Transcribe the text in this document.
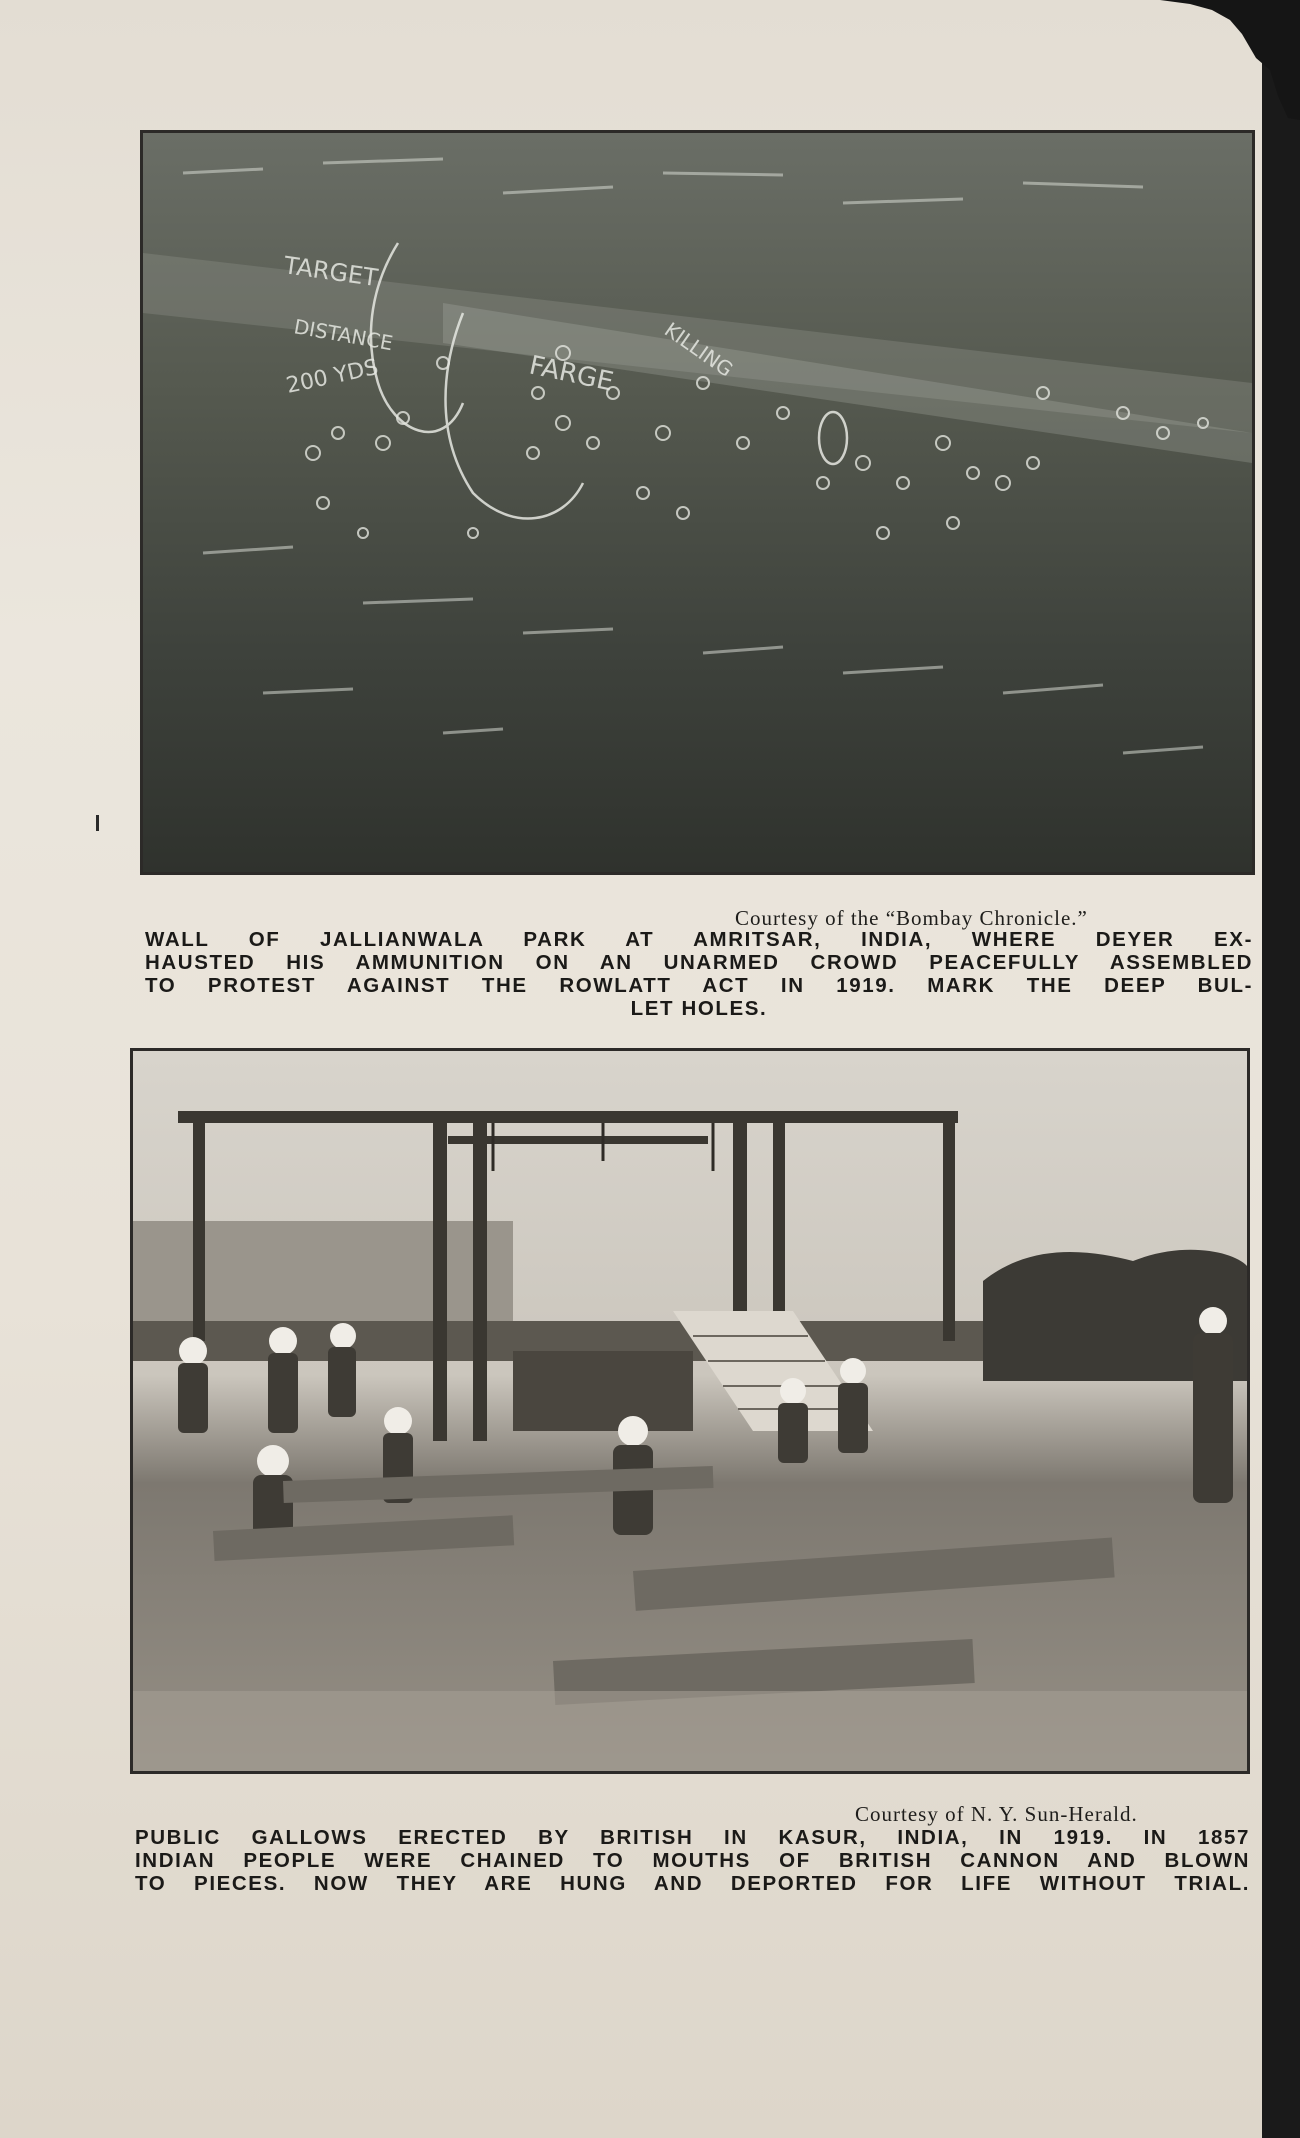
TARGET
DISTANCE
200 YDS	FARGE KILLING
Courtesy of the “Bombay Chronicle.”
WALL OF JALLIANWALA PARK AT AMRITSAR, INDIA, WHERE DEYER EX-
HAUSTED HIS AMMUNITION ON AN UNARMED CROWD PEACEFULLY ASSEMBLED
TO PROTEST AGAINST THE ROWLATT ACT IN 1919. MARK THE DEEP BUL-
LET HOLES.
Courtesy of N. Y. Sun-Herald.
PUBLIC GALLOWS ERECTED BY BRITISH IN KASUR, INDIA, IN 1919. IN 1857
INDIAN PEOPLE WERE CHAINED TO MOUTHS OF BRITISH CANNON AND BLOWN
TO PIECES. NOW THEY ARE HUNG AND DEPORTED FOR LIFE WITHOUT TRIAL.
